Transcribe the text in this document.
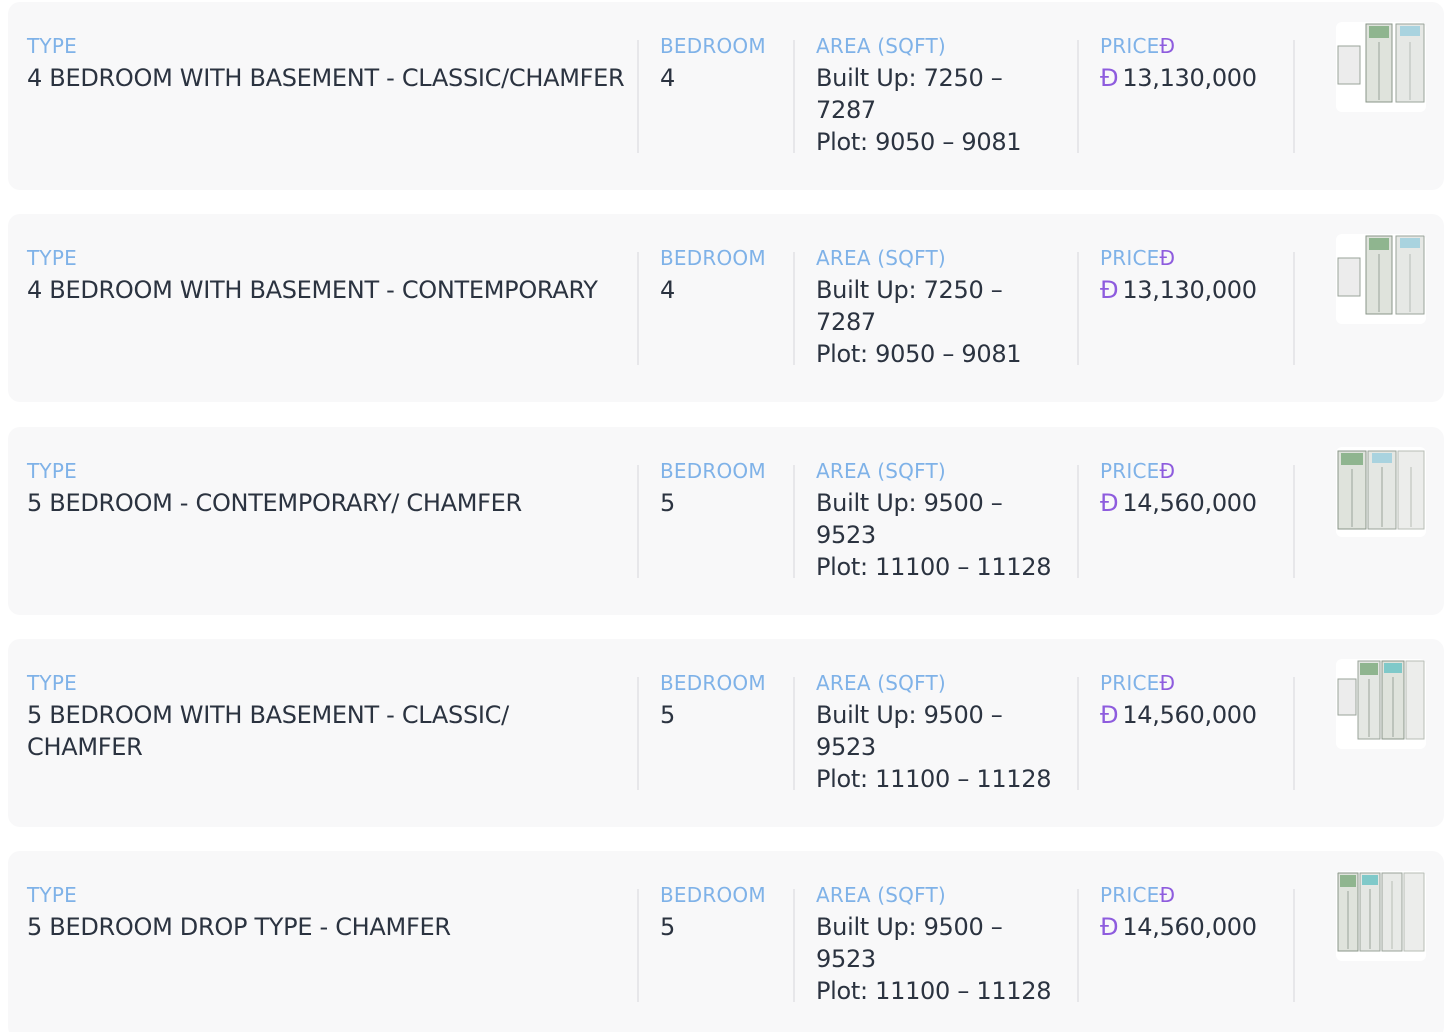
TYPE
4 BEDROOM WITH BASEMENT - CLASSIC/CHAMFER
BEDROOM
4
AREA (SQFT)
Built Up: 7250 – 7287
Plot: 9050 – 9081
PRICEĐ
Đ 13,130,000
TYPE
4 BEDROOM WITH BASEMENT - CONTEMPORARY
BEDROOM
4
AREA (SQFT)
Built Up: 7250 – 7287
Plot: 9050 – 9081
PRICEĐ
Đ 13,130,000
TYPE
5 BEDROOM - CONTEMPORARY/ CHAMFER
BEDROOM
5
AREA (SQFT)
Built Up: 9500 – 9523
Plot: 11100 – 11128
PRICEĐ
Đ 14,560,000
TYPE
5 BEDROOM WITH BASEMENT - CLASSIC/ CHAMFER
BEDROOM
5
AREA (SQFT)
Built Up: 9500 – 9523
Plot: 11100 – 11128
PRICEĐ
Đ 14,560,000
TYPE
5 BEDROOM DROP TYPE - CHAMFER
BEDROOM
5
AREA (SQFT)
Built Up: 9500 – 9523
Plot: 11100 – 11128
PRICEĐ
Đ 14,560,000
